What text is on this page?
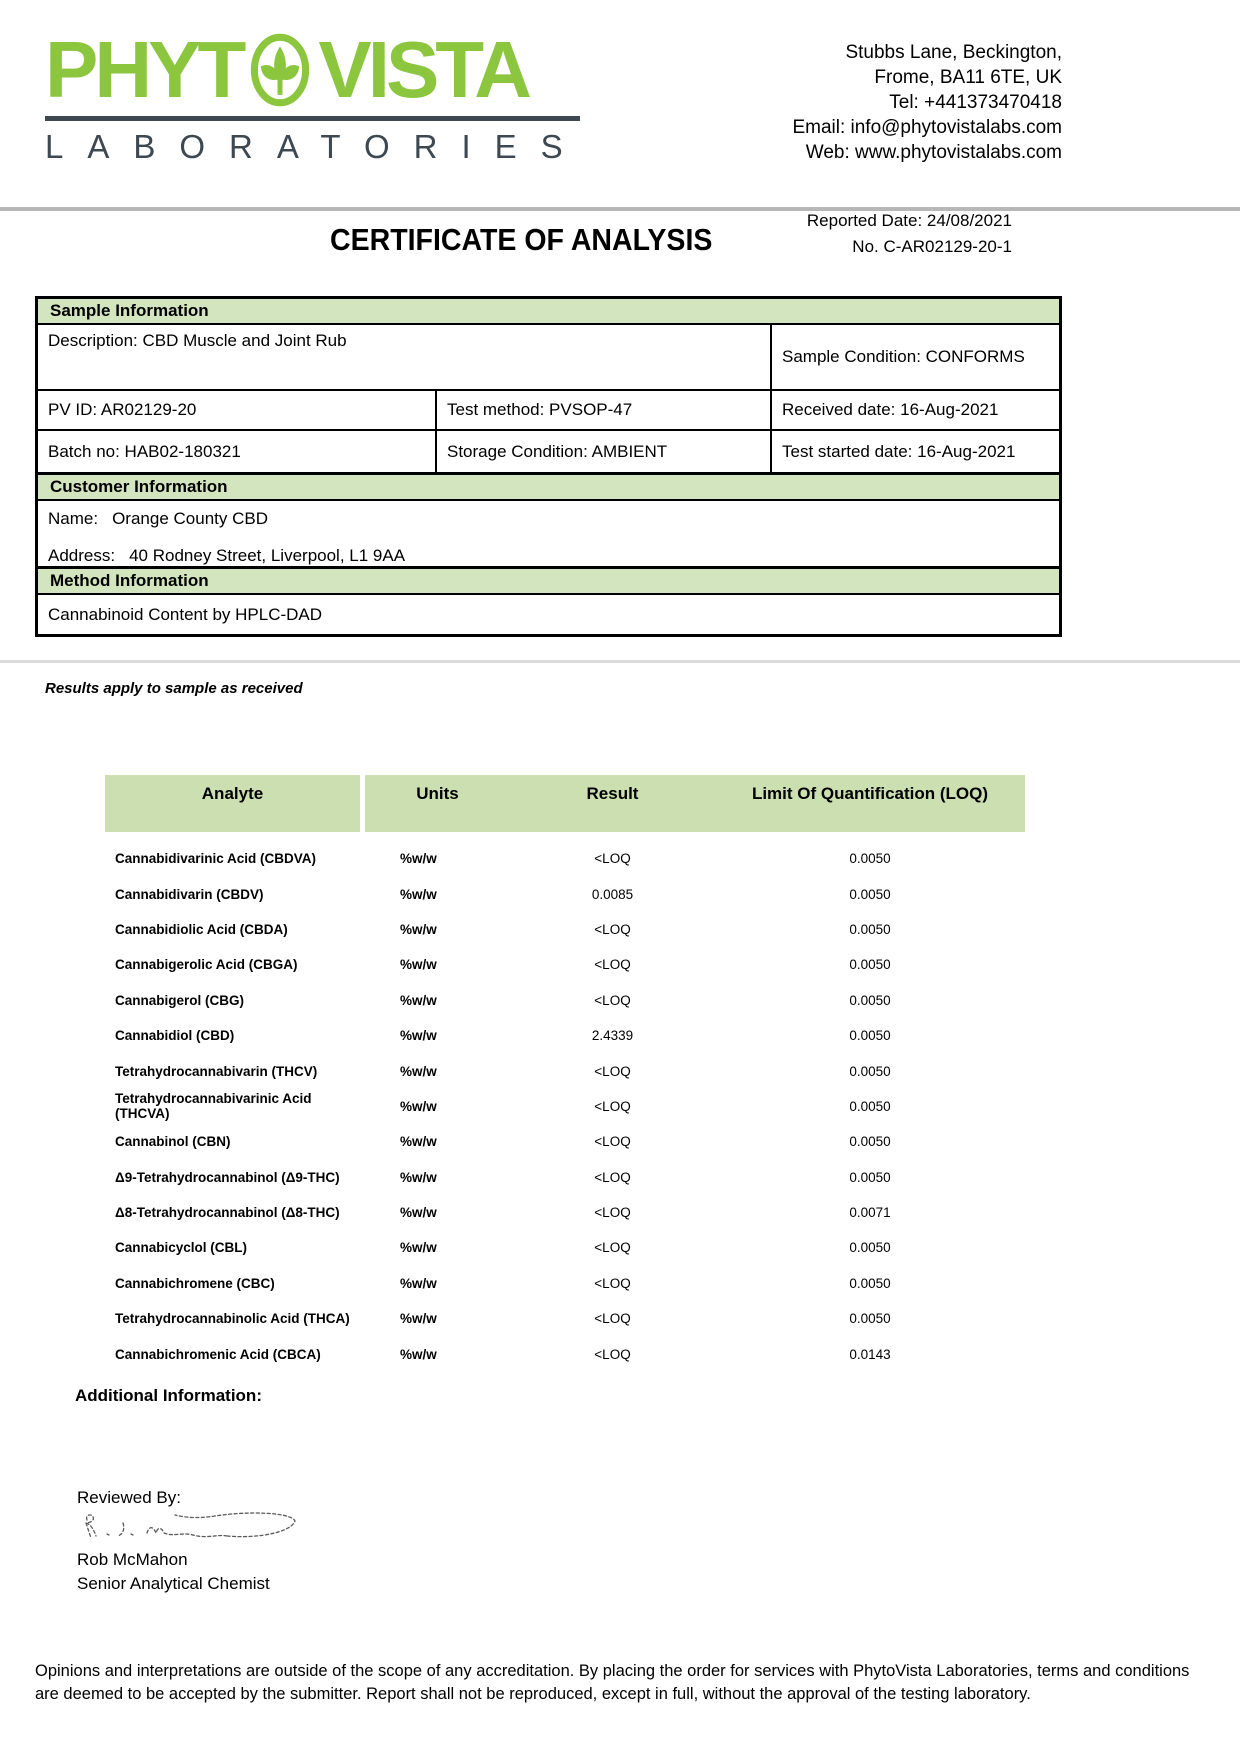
PHYT VISTA
LABORATORIES
Stubbs Lane, Beckington,
Frome, BA11 6TE, UK
Tel: +441373470418
Email: info@phytovistalabs.com
Web: www.phytovistalabs.com
Reported Date: 24/08/2021
CERTIFICATE OF ANALYSIS	No. C-AR02129-20-1
Sample Information
Description: CBD Muscle and Joint Rub
Sample Condition: CONFORMS
PV ID: AR02129-20	Test method: PVSOP-47	Received date: 16-Aug-2021
Batch no: HAB02-180321	Storage Condition: AMBIENT	Test started date: 16-Aug-2021
Customer Information
Name: Orange County CBD
Address: 40 Rodney Street, Liverpool, L1 9AA
Method Information
Cannabinoid Content by HPLC-DAD
Results apply to sample as received
Analyte	Units	Result	Limit Of Quantification (LOQ)
Cannabidivarinic Acid (CBDVA)	%w/w	<LOQ	0.0050
Cannabidivarin (CBDV)	%w/w	0.0085	0.0050
Cannabidiolic Acid (CBDA)	%w/w	<LOQ	0.0050
Cannabigerolic Acid (CBGA)	%w/w	<LOQ	0.0050
Cannabigerol (CBG)	%w/w	<LOQ	0.0050
Cannabidiol (CBD)	%w/w	2.4339	0.0050
Tetrahydrocannabivarin (THCV)	%w/w	<LOQ	0.0050
Tetrahydrocannabivarinic Acid (THCVA)	%w/w	<LOQ	0.0050
Cannabinol (CBN)	%w/w	<LOQ	0.0050
Δ9-Tetrahydrocannabinol (Δ9-THC)	%w/w	<LOQ	0.0050
Δ8-Tetrahydrocannabinol (Δ8-THC)	%w/w	<LOQ	0.0071
Cannabicyclol (CBL)	%w/w	<LOQ	0.0050
Cannabichromene (CBC)	%w/w	<LOQ	0.0050
Tetrahydrocannabinolic Acid (THCA)	%w/w	<LOQ	0.0050
Cannabichromenic Acid (CBCA)	%w/w	<LOQ	0.0143
Additional Information:
Reviewed By:
Rob McMahon
Senior Analytical Chemist
Opinions and interpretations are outside of the scope of any accreditation. By placing the order for services with PhytoVista Laboratories, terms and conditions are deemed to be accepted by the submitter. Report shall not be reproduced, except in full, without the approval of the testing laboratory.
